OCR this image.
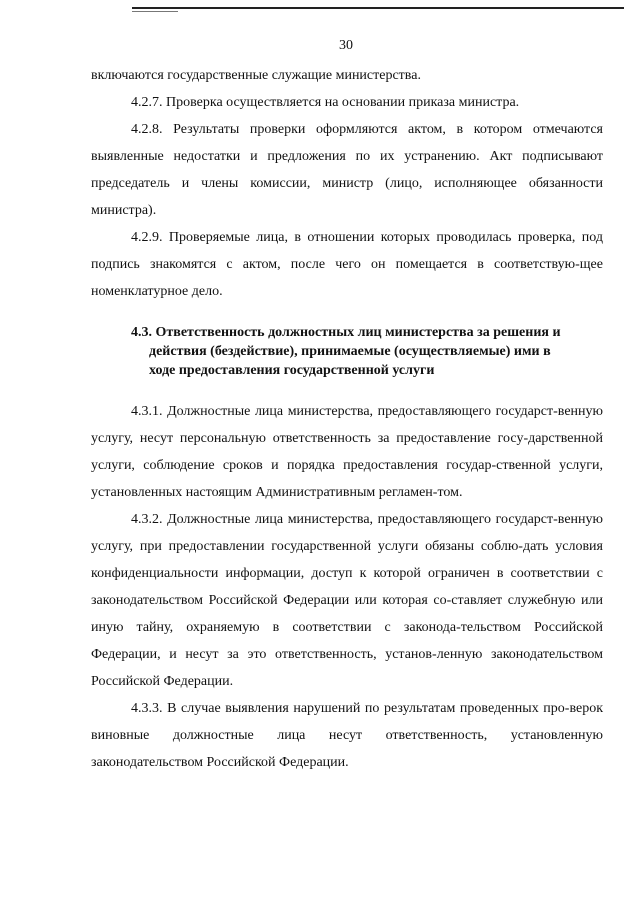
30

включаются государственные служащие министерства.

4.2.7. Проверка осуществляется на основании приказа министра.

4.2.8. Результаты проверки оформляются актом, в котором отмечаются выявленные недостатки и предложения по их устранению. Акт подписывают председатель и члены комиссии, министр (лицо, исполняющее обязанности министра).

4.2.9. Проверяемые лица, в отношении которых проводилась проверка, под подпись знакомятся с актом, после чего он помещается в соответствую-щее номенклатурное дело.

4.3. Ответственность должностных лиц министерства за решения и

действия (бездействие), принимаемые (осуществляемые) ими в

ходе предоставления государственной услуги

4.3.1. Должностные лица министерства, предоставляющего государст-венную услугу, несут персональную ответственность за предоставление госу-дарственной услуги, соблюдение сроков и порядка предоставления государ-ственной услуги, установленных настоящим Административным регламен-том.

4.3.2. Должностные лица министерства, предоставляющего государст-венную услугу, при предоставлении государственной услуги обязаны соблю-дать условия конфиденциальности информации, доступ к которой ограничен в соответствии с законодательством Российской Федерации или которая со-ставляет служебную или иную тайну, охраняемую в соответствии с законода-тельством Российской Федерации, и несут за это ответственность, установ-ленную законодательством Российской Федерации.

4.3.3. В случае выявления нарушений по результатам проведенных про-верок виновные должностные лица несут ответственность, установленную законодательством Российской Федерации.
